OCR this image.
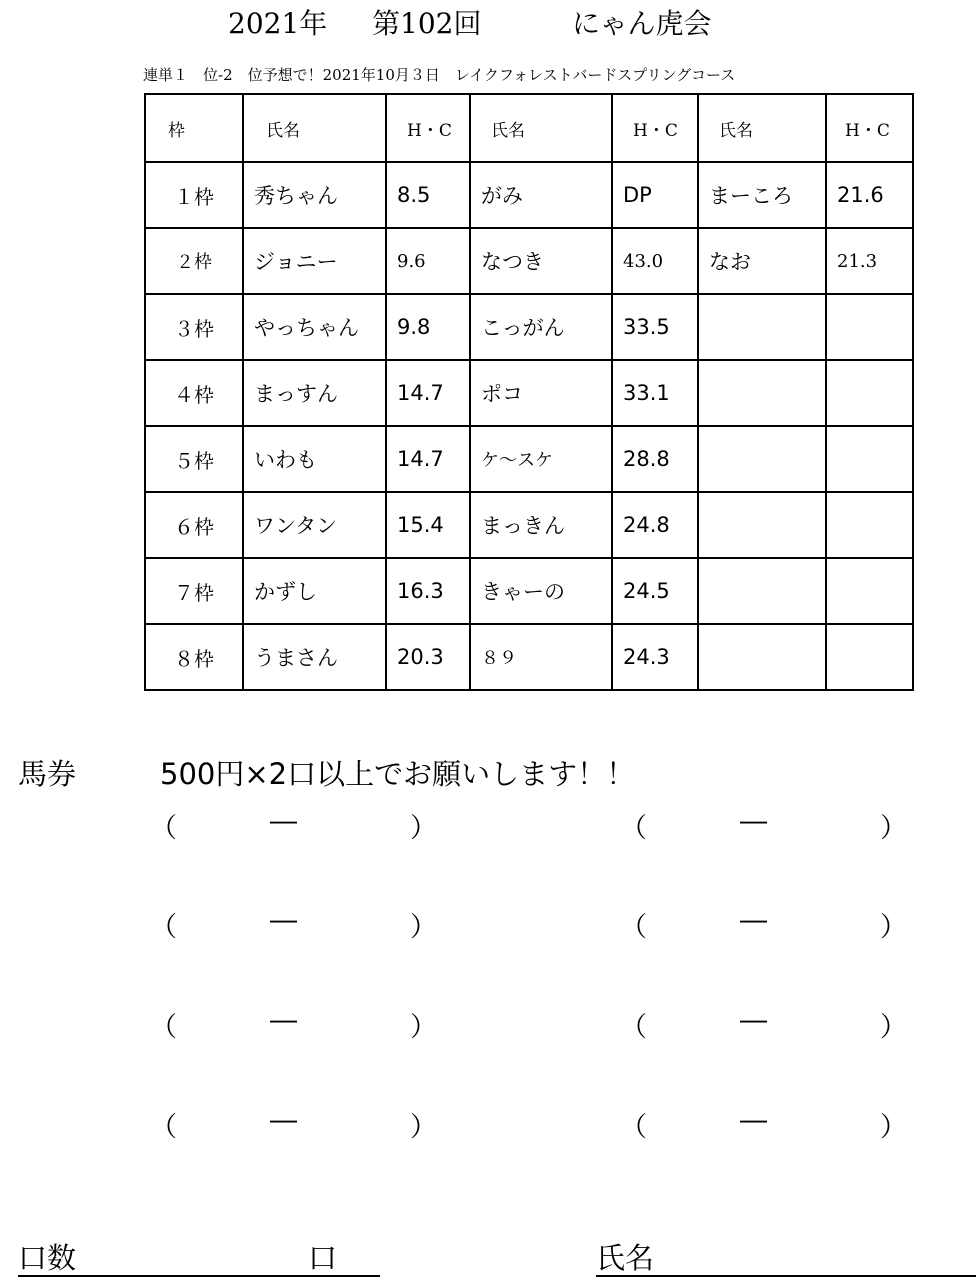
2021年 第102回	にゃん虎会
連単１　位-2　位予想で！2021年10月３日　レイクフォレストバードスプリングコース
枠	氏名	H・C	氏名	H・C	氏名	H・C
１枠	秀ちゃん	8.5	がみ	DP	まーころ	21.6
２枠	ジョニー	9.6	なつき	43.0	なお	21.3
３枠	やっちゃん	9.8	こっがん	33.5		
４枠	まっすん	14.7	ポコ	33.1		
５枠	いわも	14.7	ケ～スケ	28.8		
６枠	ワンタン	15.4	まっきん	24.8		
７枠	かずし	16.3	きゃーの	24.5		
８枠	うまさん	20.3	８９	24.3		
馬券	500円×2口以上でお願いします！！
（	―	）
（	―	）
（	―	）
（	―	）
（	―	）
（	―	）
（	―	）
（	―	）
口数	口	氏名
